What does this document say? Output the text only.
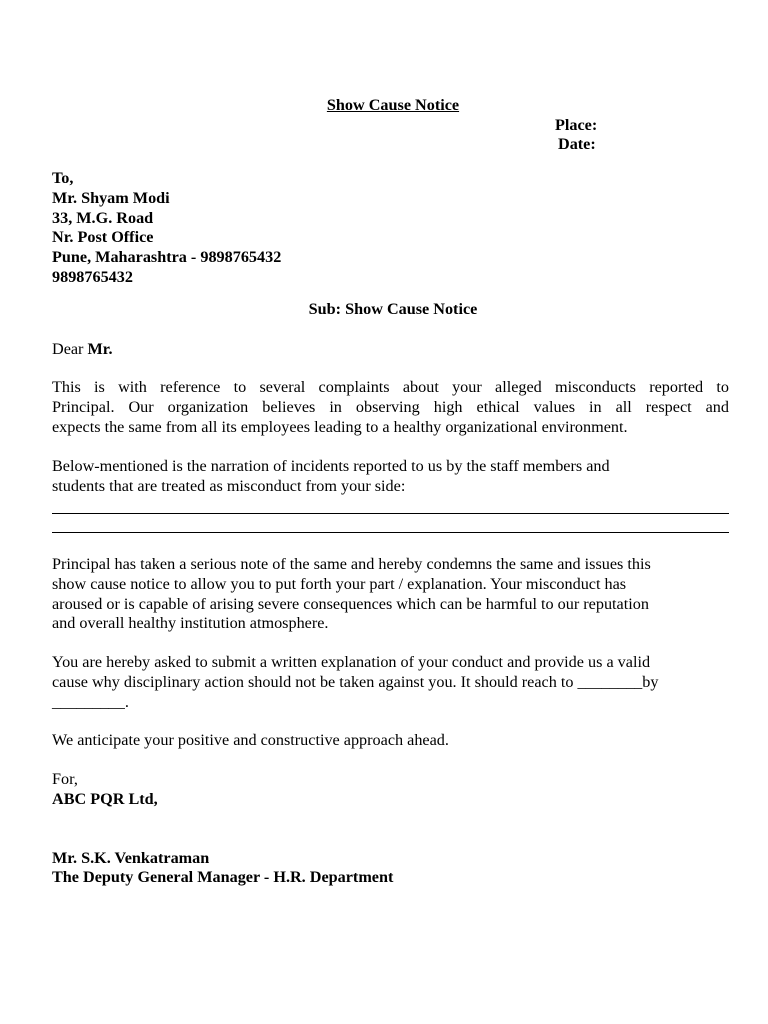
Show Cause Notice
Place:
Date:
To,
Mr. Shyam Modi
33, M.G. Road
Nr. Post Office
Pune, Maharashtra - 9898765432
9898765432
Sub: Show Cause Notice
Dear Mr.
This is with reference to several complaints about your alleged misconducts reported to
Principal. Our organization believes in observing high ethical values in all respect and
expects the same from all its employees leading to a healthy organizational environment.
Below-mentioned is the narration of incidents reported to us by the staff members and
students that are treated as misconduct from your side:
Principal has taken a serious note of the same and hereby condemns the same and issues this
show cause notice to allow you to put forth your part / explanation. Your misconduct has
aroused or is capable of arising severe consequences which can be harmful to our reputation
and overall healthy institution atmosphere.
You are hereby asked to submit a written explanation of your conduct and provide us a valid
cause why disciplinary action should not be taken against you. It should reach to ________by
_________.
We anticipate your positive and constructive approach ahead.
For,
ABC PQR Ltd,
Mr. S.K. Venkatraman
The Deputy General Manager - H.R. Department
